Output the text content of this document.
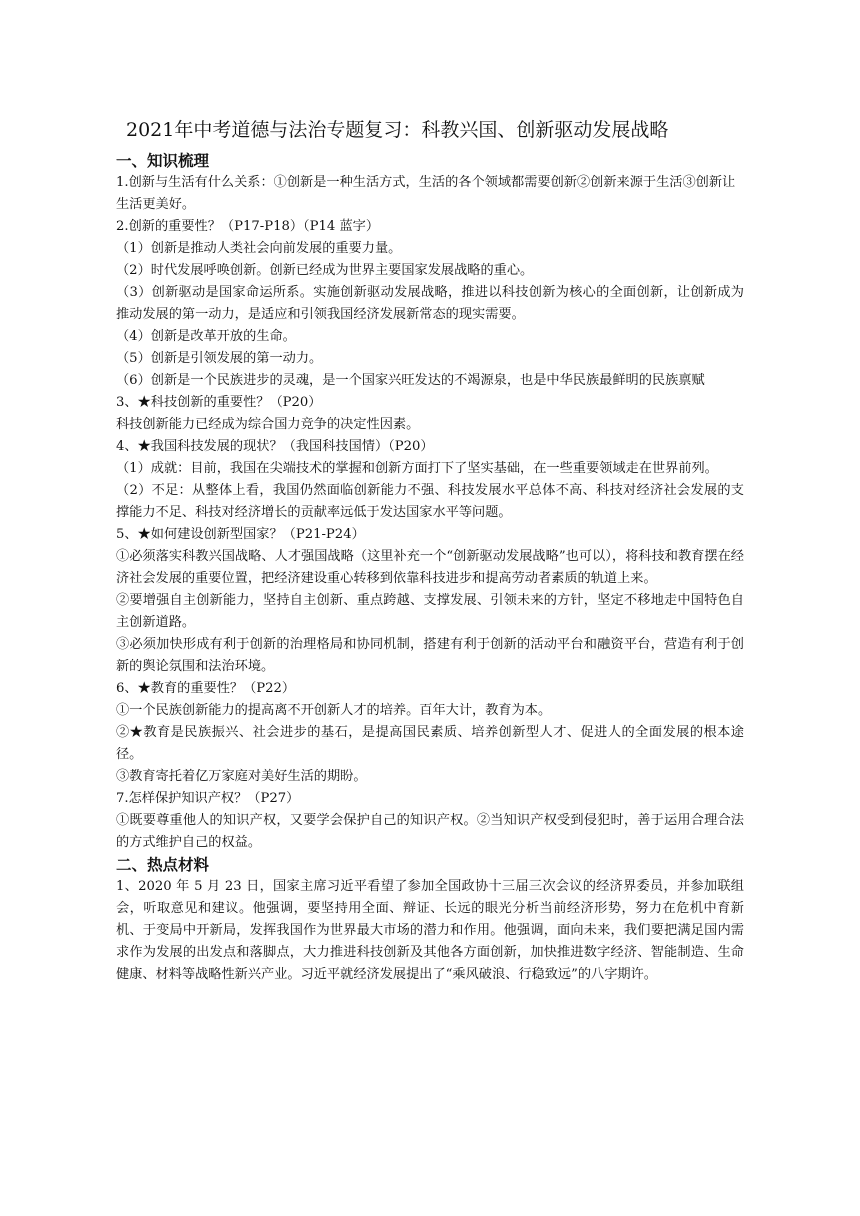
2021年中考道德与法治专题复习：科教兴国、创新驱动发展战略
一、知识梳理

1.创新与生活有什么关系：①创新是一种生活方式，生活的各个领域都需要创新②创新来源于生活③创新让生活更美好。

2.创新的重要性？（P17-P18）（P14 蓝字）

（1）创新是推动人类社会向前发展的重要力量。

（2）时代发展呼唤创新。创新已经成为世界主要国家发展战略的重心。

（3）创新驱动是国家命运所系。实施创新驱动发展战略，推进以科技创新为核心的全面创新，让创新成为推动发展的第一动力，是适应和引领我国经济发展新常态的现实需要。

（4）创新是改革开放的生命。

（5）创新是引领发展的第一动力。

（6）创新是一个民族进步的灵魂，是一个国家兴旺发达的不竭源泉，也是中华民族最鲜明的民族禀赋

3、★科技创新的重要性？（P20）

科技创新能力已经成为综合国力竞争的决定性因素。

4、★我国科技发展的现状？（我国科技国情）（P20）

（1）成就：目前，我国在尖端技术的掌握和创新方面打下了坚实基础，在一些重要领域走在世界前列。

（2）不足：从整体上看，我国仍然面临创新能力不强、科技发展水平总体不高、科技对经济社会发展的支撑能力不足、科技对经济增长的贡献率远低于发达国家水平等问题。

5、★如何建设创新型国家？（P21-P24）

①必须落实科教兴国战略、人才强国战略（这里补充一个“创新驱动发展战略”也可以），将科技和教育摆在经济社会发展的重要位置，把经济建设重心转移到依靠科技进步和提高劳动者素质的轨道上来。

②要增强自主创新能力，坚持自主创新、重点跨越、支撑发展、引领未来的方针，坚定不移地走中国特色自主创新道路。

③必须加快形成有利于创新的治理格局和协同机制，搭建有利于创新的活动平台和融资平台，营造有利于创新的舆论氛围和法治环境。

6、★教育的重要性？（P22）

①一个民族创新能力的提高离不开创新人才的培养。百年大计，教育为本。

②★教育是民族振兴、社会进步的基石，是提高国民素质、培养创新型人才、促进人的全面发展的根本途径。

③教育寄托着亿万家庭对美好生活的期盼。

7.怎样保护知识产权？（P27）

①既要尊重他人的知识产权，又要学会保护自己的知识产权。②当知识产权受到侵犯时，善于运用合理合法的方式维护自己的权益。

二、热点材料

1、2020 年 5 月 23 日，国家主席习近平看望了参加全国政协十三届三次会议的经济界委员，并参加联组会，听取意见和建议。他强调，要坚持用全面、辩证、长远的眼光分析当前经济形势，努力在危机中育新机、于变局中开新局，发挥我国作为世界最大市场的潜力和作用。他强调，面向未来，我们要把满足国内需求作为发展的出发点和落脚点，大力推进科技创新及其他各方面创新，加快推进数字经济、智能制造、生命健康、材料等战略性新兴产业。习近平就经济发展提出了“乘风破浪、行稳致远”的八字期许。
